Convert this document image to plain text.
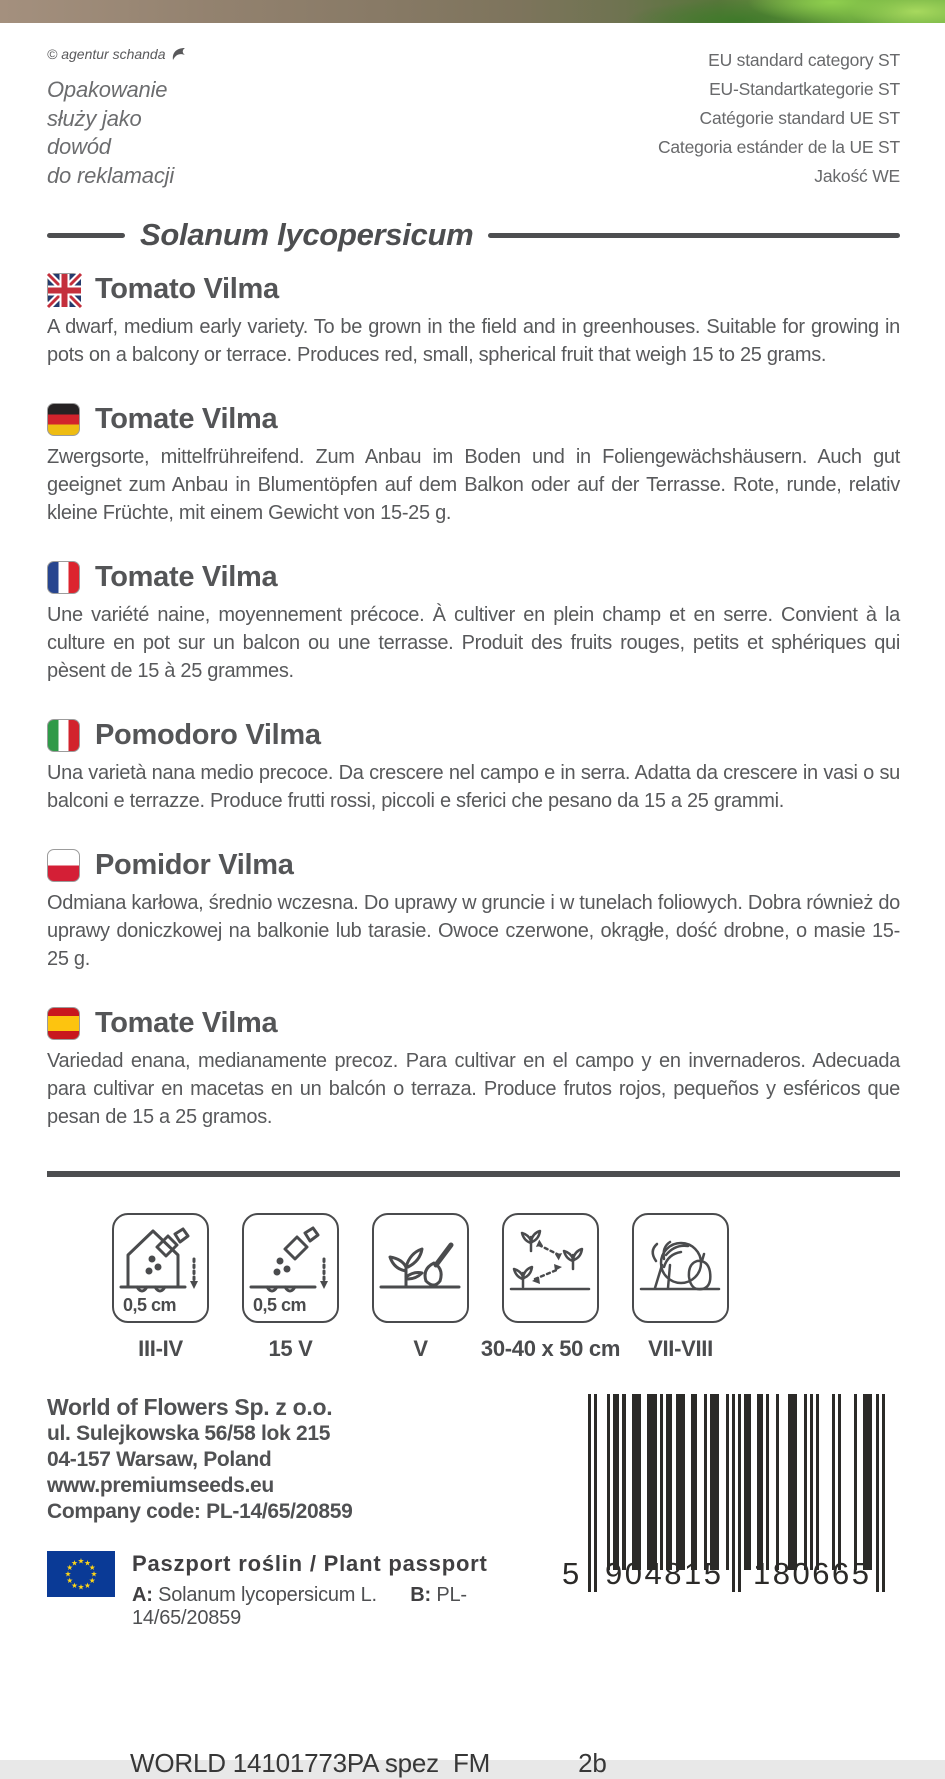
© agentur schanda
Opakowanie
służy jako
dowód
do reklamacji
EU standard category ST
EU-Standartkategorie ST
Catégorie standard UE ST
Categoria estánder de la UE ST
Jakość WE
Solanum lycopersicum
Tomato Vilma
A dwarf, medium early variety. To be grown in the field and in greenhouses. Suitable for growing in pots on a balcony or terrace. Produces red, small, spherical fruit that weigh 15 to 25 grams.
Tomate Vilma
Zwergsorte, mittelfrühreifend. Zum Anbau im Boden und in Foliengewächshäusern. Auch gut geeignet zum Anbau in Blumentöpfen auf dem Balkon oder auf der Terrasse. Rote, runde, relativ kleine Früchte, mit einem Gewicht von 15-25 g.
Tomate Vilma
Une variété naine, moyennement précoce. À cultiver en plein champ et en serre. Convient à la culture en pot sur un balcon ou une terrasse. Produit des fruits rouges, petits et sphériques qui pèsent de 15 à 25 grammes.
Pomodoro Vilma
Una varietà nana medio precoce. Da crescere nel campo e in serra. Adatta da crescere in vasi o su balconi e terrazze. Produce frutti rossi, piccoli e sferici che pesano da 15 a 25 grammi.
Pomidor Vilma
Odmiana karłowa, średnio wczesna. Do uprawy w gruncie i w tunelach foliowych. Dobra również do uprawy doniczkowej na balkonie lub tarasie. Owoce czerwone, okrągłe, dość drobne, o masie 15-25 g.
Tomate Vilma
Variedad enana, medianamente precoz. Para cultivar en el campo y en invernaderos. Adecuada para cultivar en macetas en un balcón o terraza. Produce frutos rojos, pequeños y esféricos que pesan de 15 a 25 gramos.
0,5 cm
III-IV
0,5 cm
15 V	V 30-40 x 50 cm VII-VIII
World of Flowers Sp. z o.o.
ul. Sulejkowska 56/58 lok 215
04-157 Warsaw, Poland
www.premiumseeds.eu
Company code: PL-14/65/20859
★ ★
★
★
★
★
★
★
★
★
★
★ Paszport roślin / Plant passport
A: Solanum lycopersicum L. B: PL-14/65/20859
5 904815 180665
WORLD 14101773PA spez  FM	2b
